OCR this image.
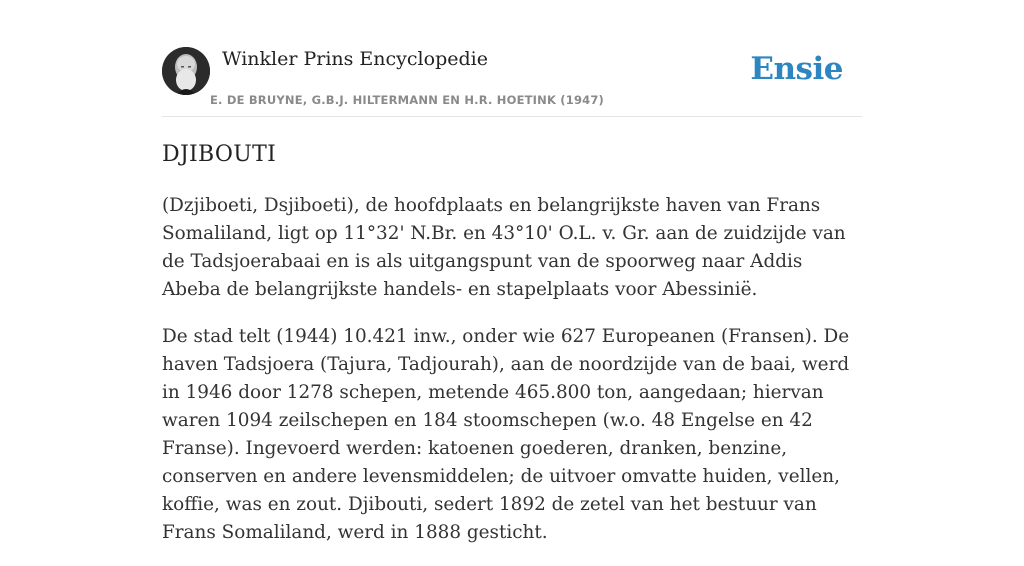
Winkler Prins Encyclopedie
E. DE BRUYNE, G.B.J. HILTERMANN EN H.R. HOETINK (1947)
Ensie
DJIBOUTI

(Dzjiboeti, Dsjiboeti), de hoofdplaats en belangrijkste haven van Frans Somaliland, ligt op 11°32' N.Br. en 43°10' O.L. v. Gr. aan de zuidzijde van de Tadsjoerabaai en is als uitgangspunt van de spoorweg naar Addis Abeba de belangrijkste handels- en stapelplaats voor Abessinië.

De stad telt (1944) 10.421 inw., onder wie 627 Europeanen (Fransen). De haven Tadsjoera (Tajura, Tadjourah), aan de noordzijde van de baai, werd in 1946 door 1278 schepen, metende 465.800 ton, aangedaan; hiervan waren 1094 zeilschepen en 184 stoomschepen (w.o. 48 Engelse en 42 Franse). Ingevoerd werden: katoenen goederen, dranken, benzine, conserven en andere levensmiddelen; de uitvoer omvatte huiden, vellen, koffie, was en zout. Djibouti, sedert 1892 de zetel van het bestuur van Frans Somaliland, werd in 1888 gesticht.
